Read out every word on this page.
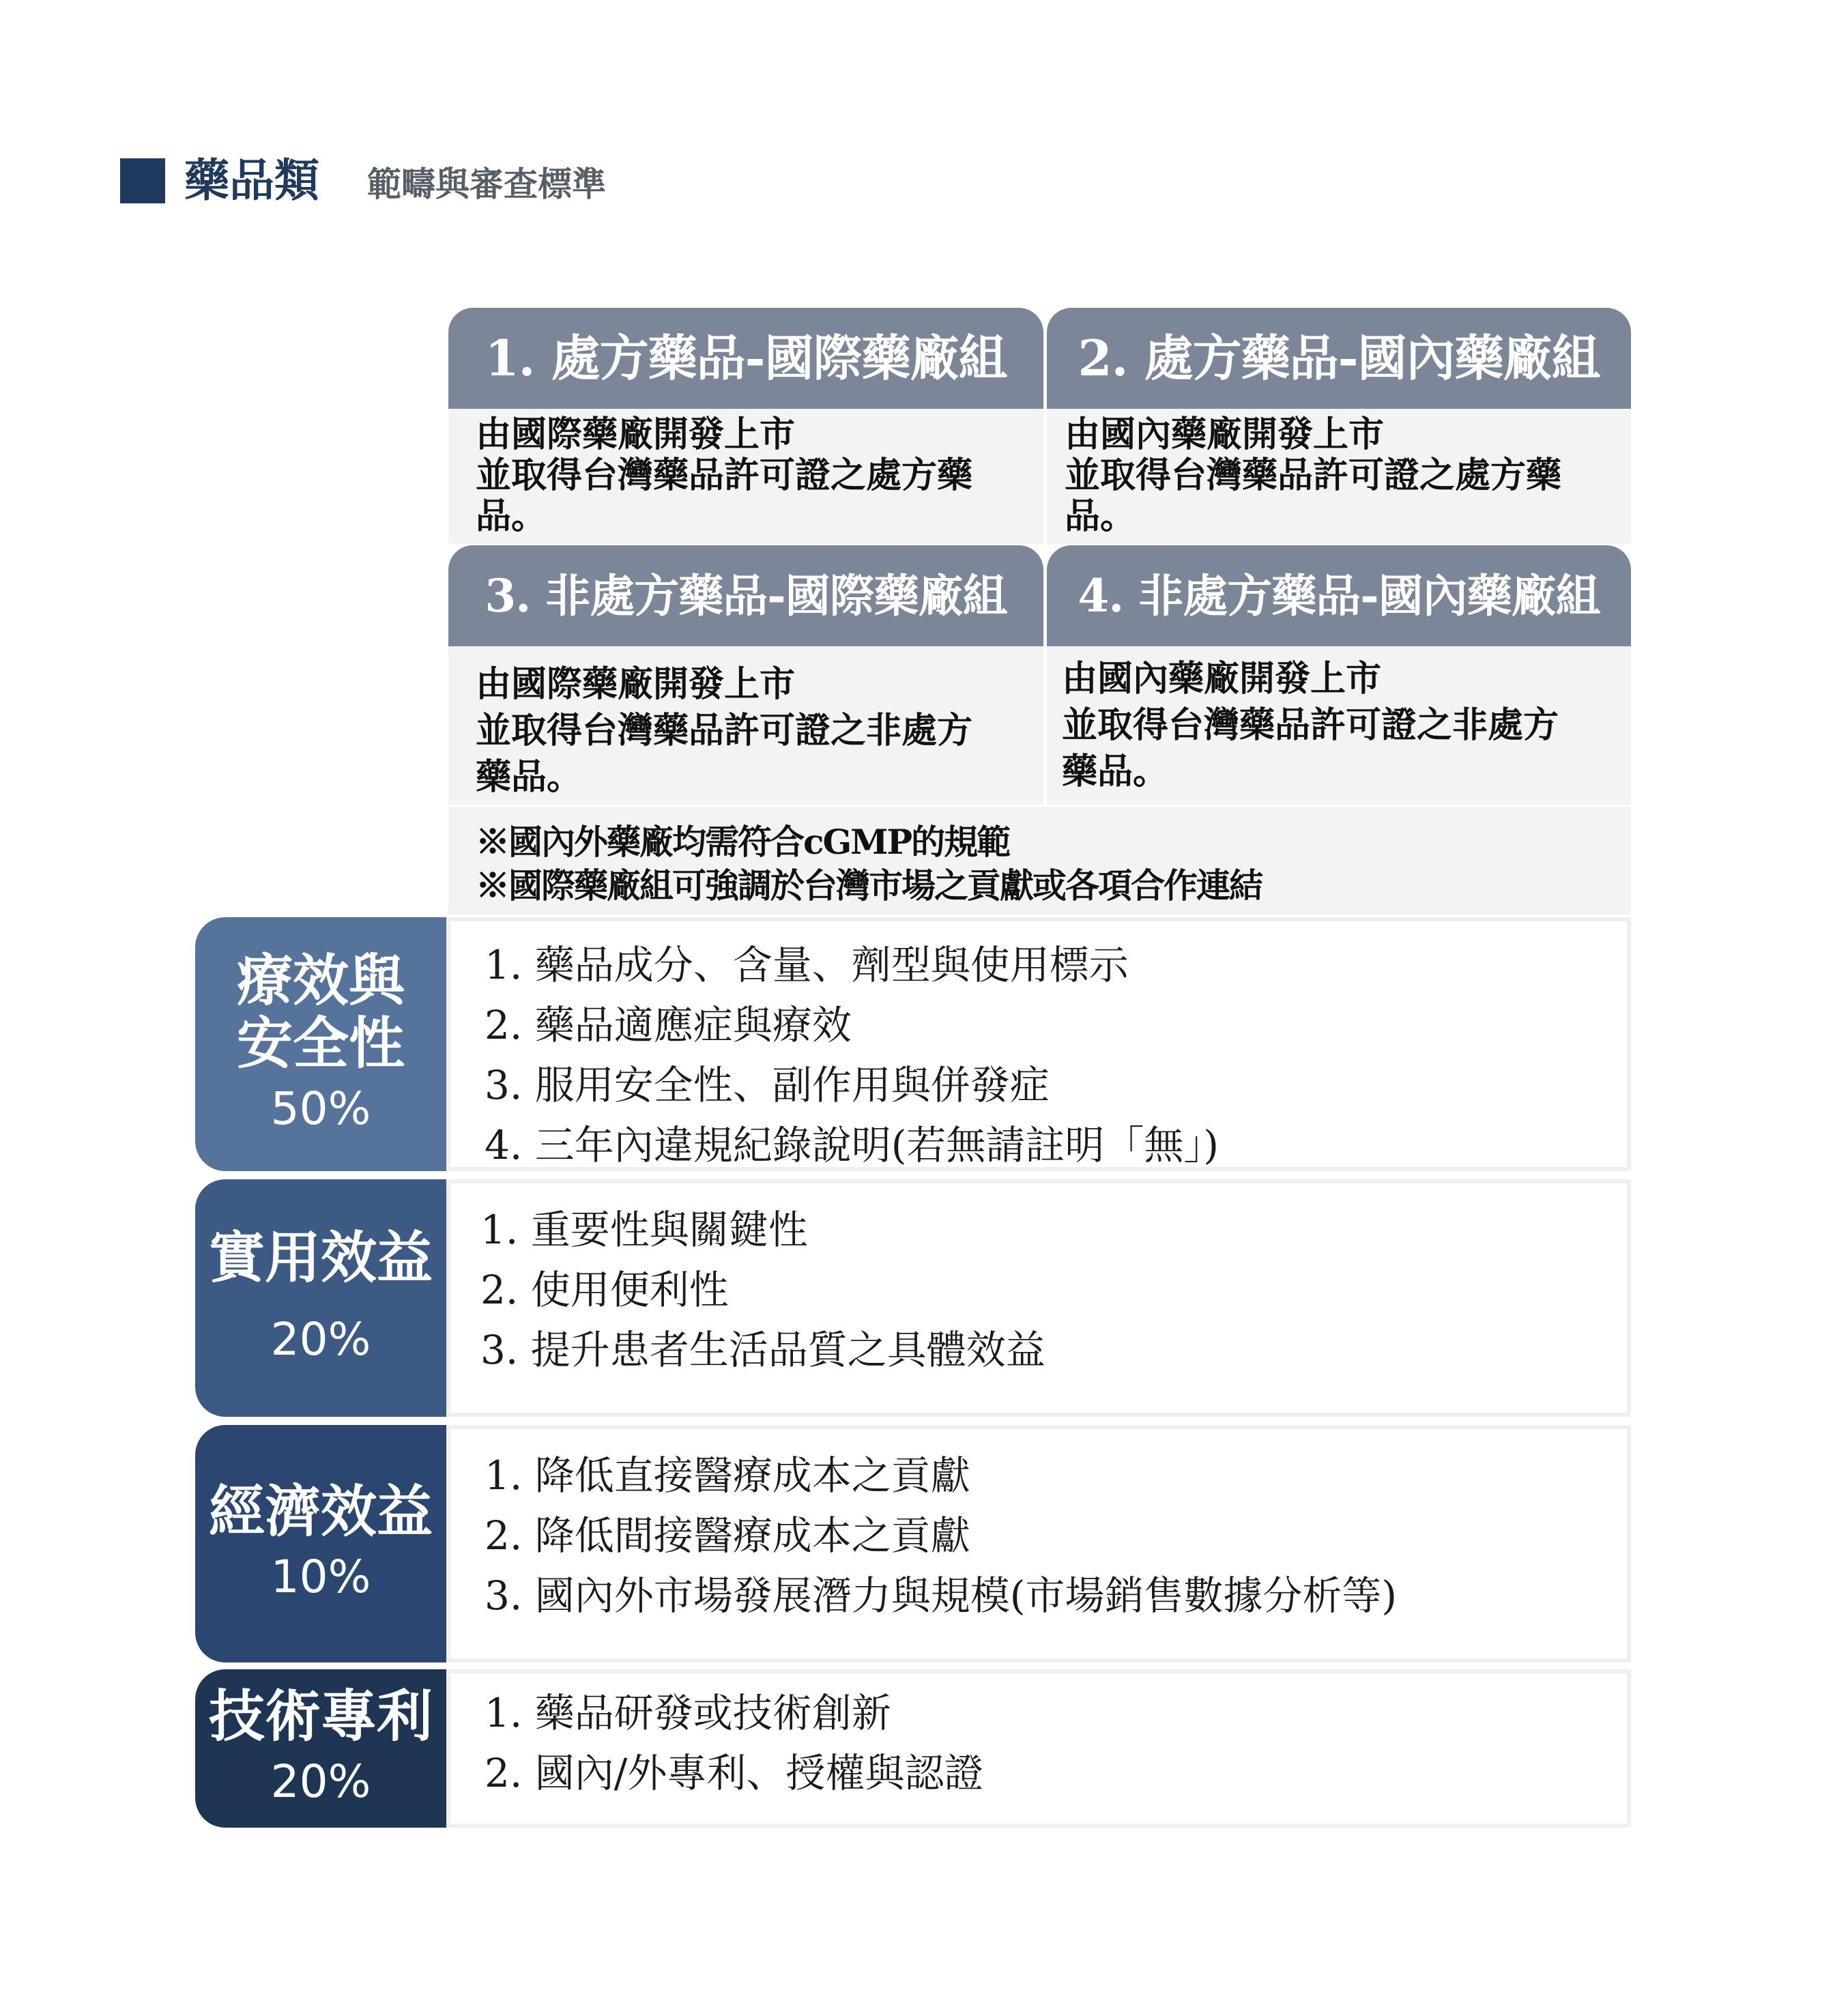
藥品類 範疇與審查標準
1. 處方藥品-國際藥廠組
由國際藥廠開發上市
並取得台灣藥品許可證之處方藥
品。
2. 處方藥品-國內藥廠組
由國內藥廠開發上市
並取得台灣藥品許可證之處方藥
品。
3. 非處方藥品-國際藥廠組
由國際藥廠開發上市
並取得台灣藥品許可證之非處方
藥品。
4. 非處方藥品-國內藥廠組
由國內藥廠開發上市
並取得台灣藥品許可證之非處方
藥品。
※國內外藥廠均需符合cGMP的規範
※國際藥廠組可強調於台灣市場之貢獻或各項合作連結
療效與
安全性
50%
1. 藥品成分、含量、劑型與使用標示
2. 藥品適應症與療效
3. 服用安全性、副作用與併發症
4. 三年內違規紀錄說明(若無請註明「無」)
實用效益
20%
1. 重要性與關鍵性
2. 使用便利性
3. 提升患者生活品質之具體效益
經濟效益
10%
1. 降低直接醫療成本之貢獻
2. 降低間接醫療成本之貢獻
3. 國內外市場發展潛力與規模(市場銷售數據分析等)
技術專利
20%
1. 藥品研發或技術創新
2. 國內/外專利、授權與認證
